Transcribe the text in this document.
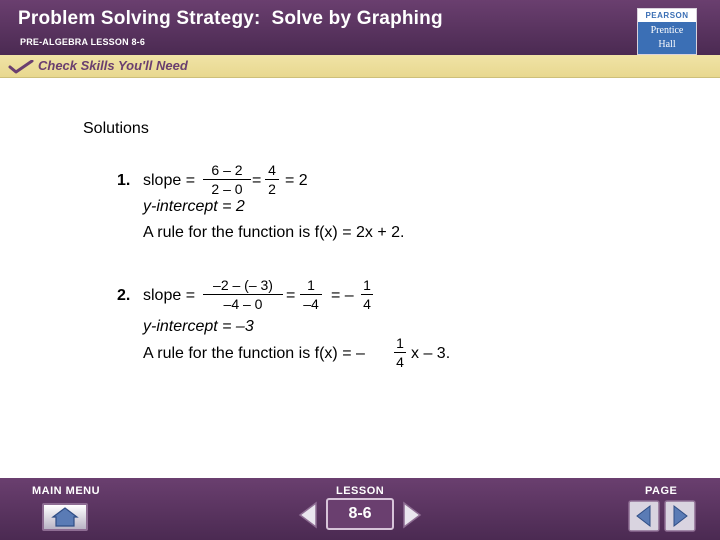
Problem Solving Strategy:  Solve by Graphing
PRE-ALGEBRA LESSON 8-6
PEARSON
Prentice
Hall
Check Skills You'll Need
Solutions
1. slope =
6 – 2
2 – 0 =
4
2 = 2
y-intercept = 2
A rule for the function is f(x) = 2x + 2.
2. slope =
–2 – (– 3)
–4 – 0	=
1
–4 = –
1
4
y-intercept = –3
A rule for the function is f(x) = –
1
4 x – 3.
MAIN MENU	LESSON
8-6
PAGE
